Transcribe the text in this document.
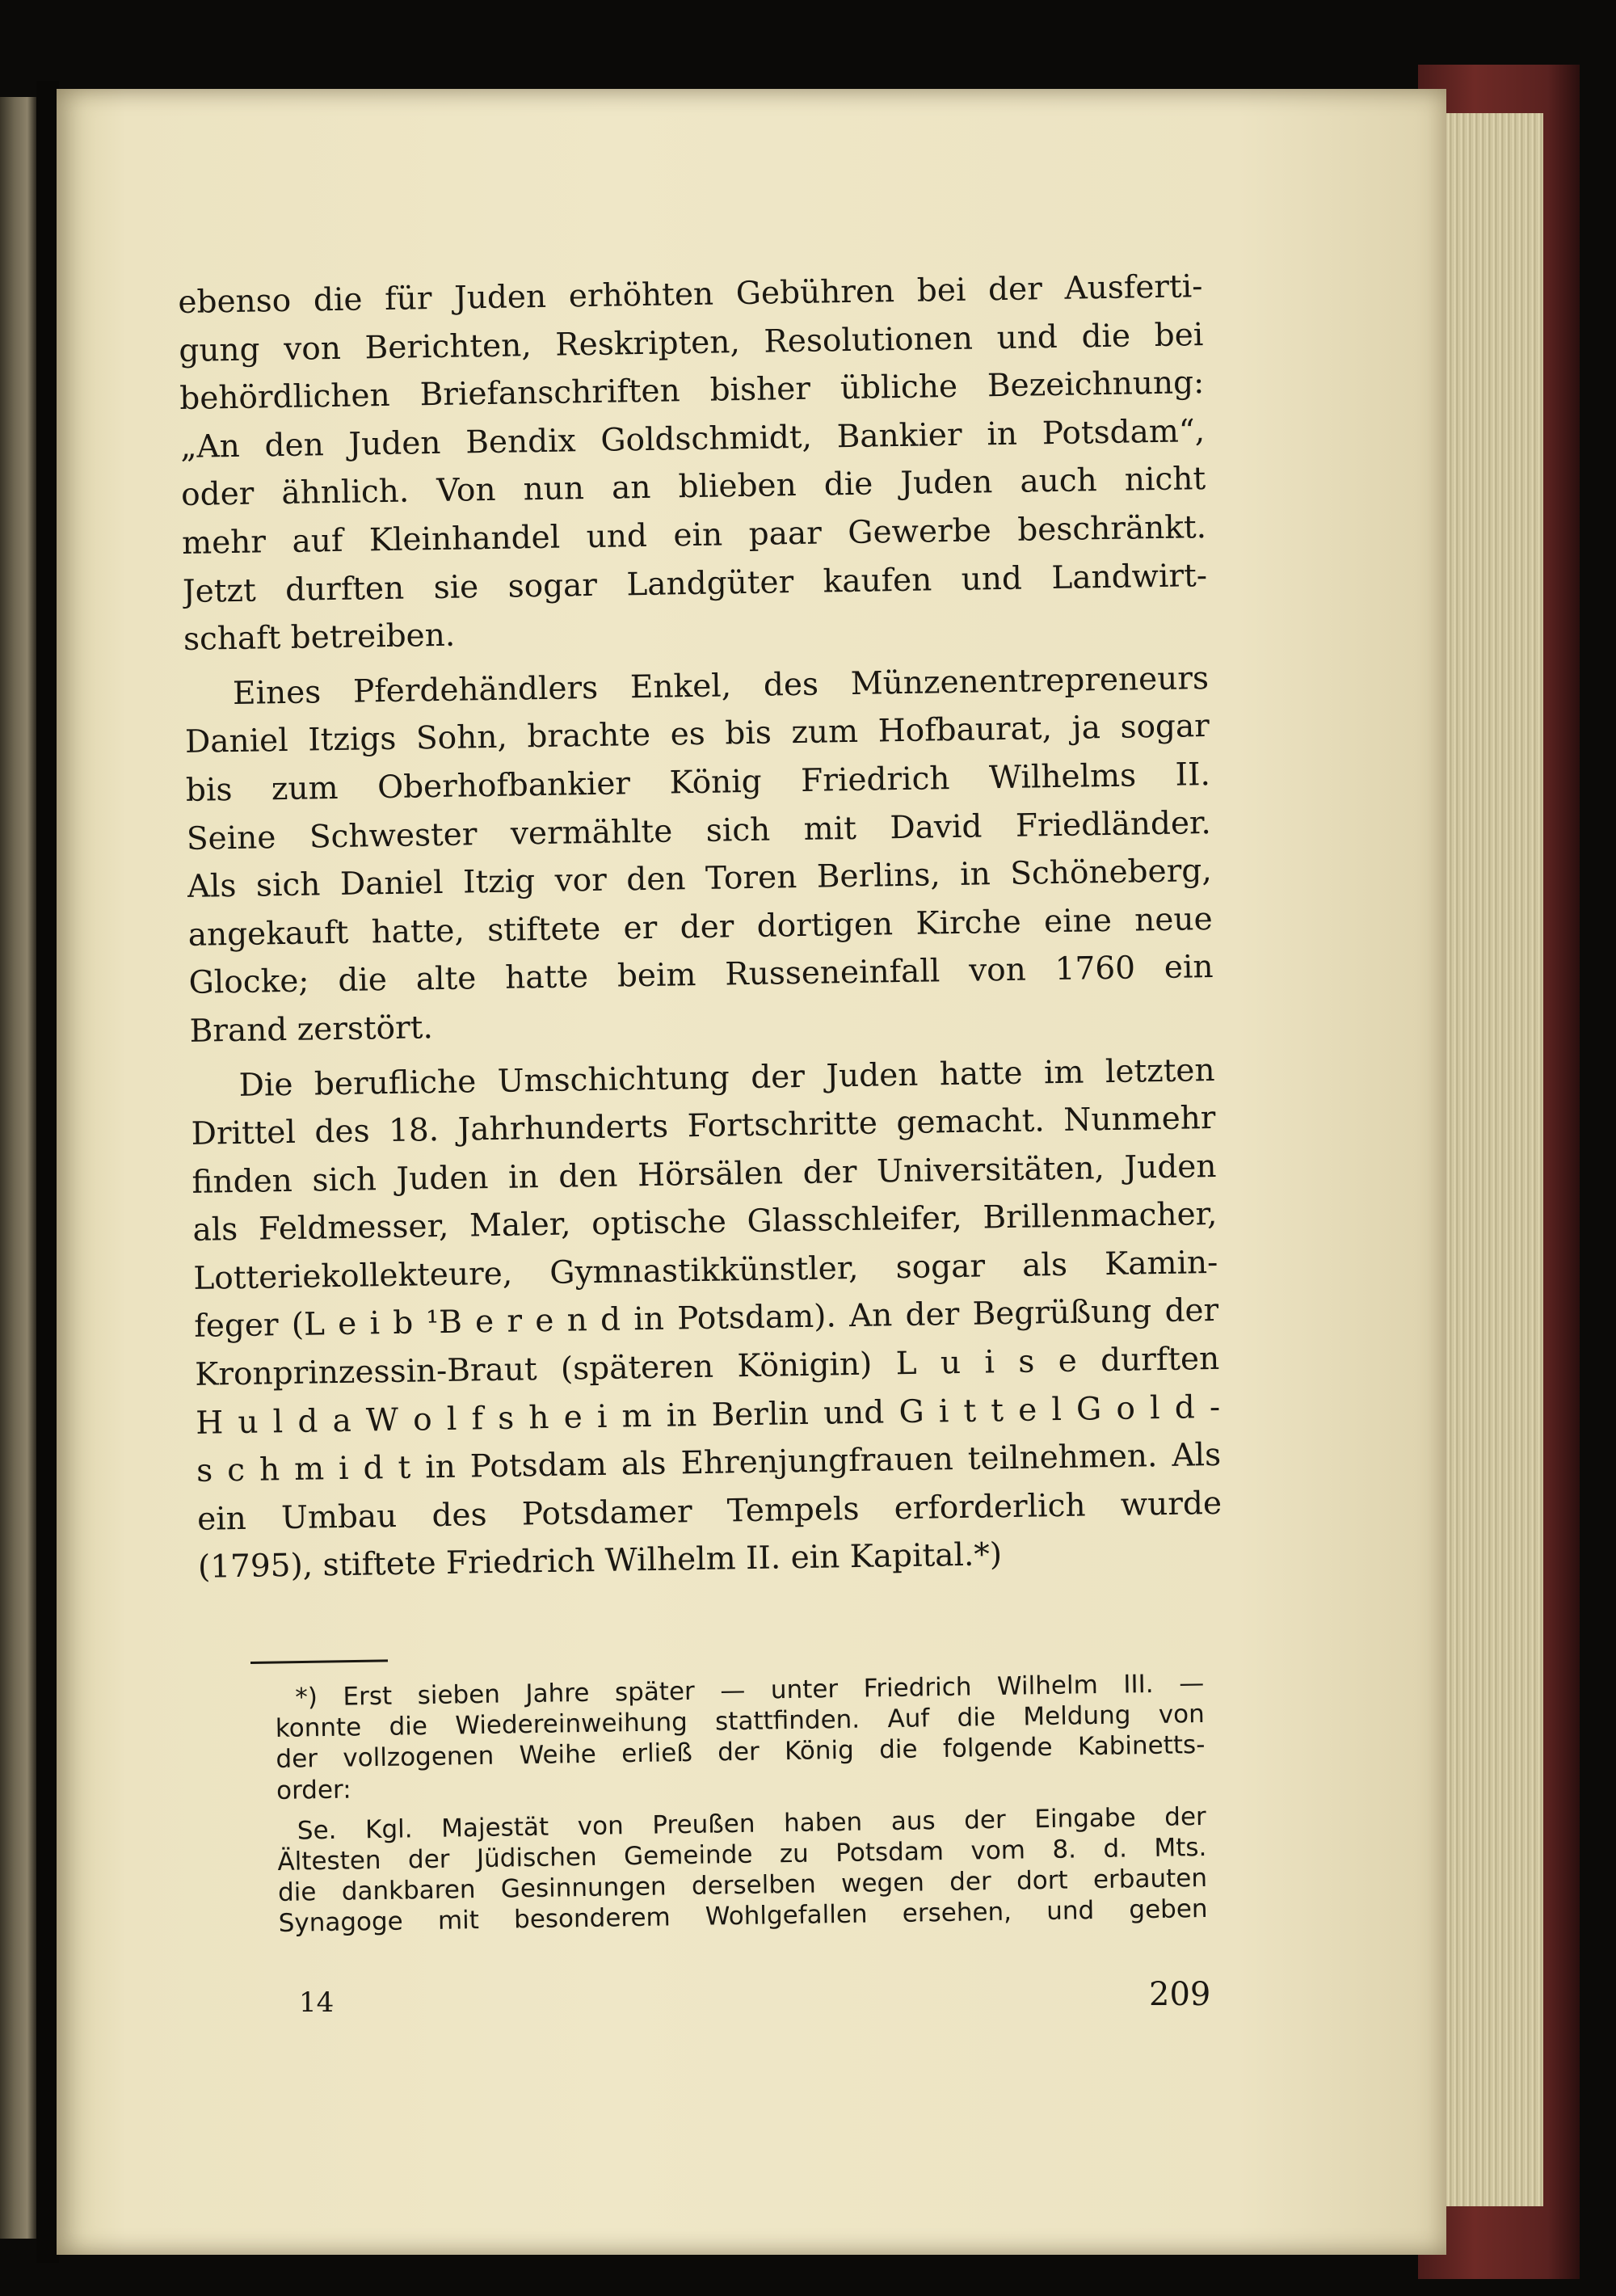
ebenso die für Juden erhöhten Gebühren bei der Ausferti-
gung von Berichten, Reskripten, Resolutionen und die bei
behördlichen Briefanschriften bisher übliche Bezeichnung:
„An den Juden Bendix Goldschmidt, Bankier in Potsdam“,
oder ähnlich. Von nun an blieben die Juden auch nicht
mehr auf Kleinhandel und ein paar Gewerbe beschränkt.
Jetzt durften sie sogar Landgüter kaufen und Landwirt-
schaft betreiben.

Eines Pferdehändlers Enkel, des Münzenentrepreneurs
Daniel Itzigs Sohn, brachte es bis zum Hofbaurat, ja sogar
bis zum Oberhofbankier König Friedrich Wilhelms II.
Seine Schwester vermählte sich mit David Friedländer.
Als sich Daniel Itzig vor den Toren Berlins, in Schöneberg,
angekauft hatte, stiftete er der dortigen Kirche eine neue
Glocke; die alte hatte beim Russeneinfall von 1760 ein
Brand zerstört.

Die berufliche Umschichtung der Juden hatte im letzten
Drittel des 18. Jahrhunderts Fortschritte gemacht. Nunmehr
finden sich Juden in den Hörsälen der Universitäten, Juden
als Feldmesser, Maler, optische Glasschleifer, Brillenmacher,
Lotteriekollekteure, Gymnastikkünstler, sogar als Kamin-
feger (L e i b ¹B e r e n d in Potsdam). An der Begrüßung der
Kronprinzessin-Braut (späteren Königin) L u i s e durften
H u l d a W o l f s h e i m in Berlin und G i t t e l G o l d -
s c h m i d t in Potsdam als Ehrenjungfrauen teilnehmen. Als
ein Umbau des Potsdamer Tempels erforderlich wurde
(1795), stiftete Friedrich Wilhelm II. ein Kapital.*)

*) Erst sieben Jahre später — unter Friedrich Wilhelm III. —
konnte die Wiedereinweihung stattfinden. Auf die Meldung von
der vollzogenen Weihe erließ der König die folgende Kabinetts-
order:

Se. Kgl. Majestät von Preußen haben aus der Eingabe der
Ältesten der Jüdischen Gemeinde zu Potsdam vom 8. d. Mts.
die dankbaren Gesinnungen derselben wegen der dort erbauten
Synagoge mit besonderem Wohlgefallen ersehen, und geben

14	209
